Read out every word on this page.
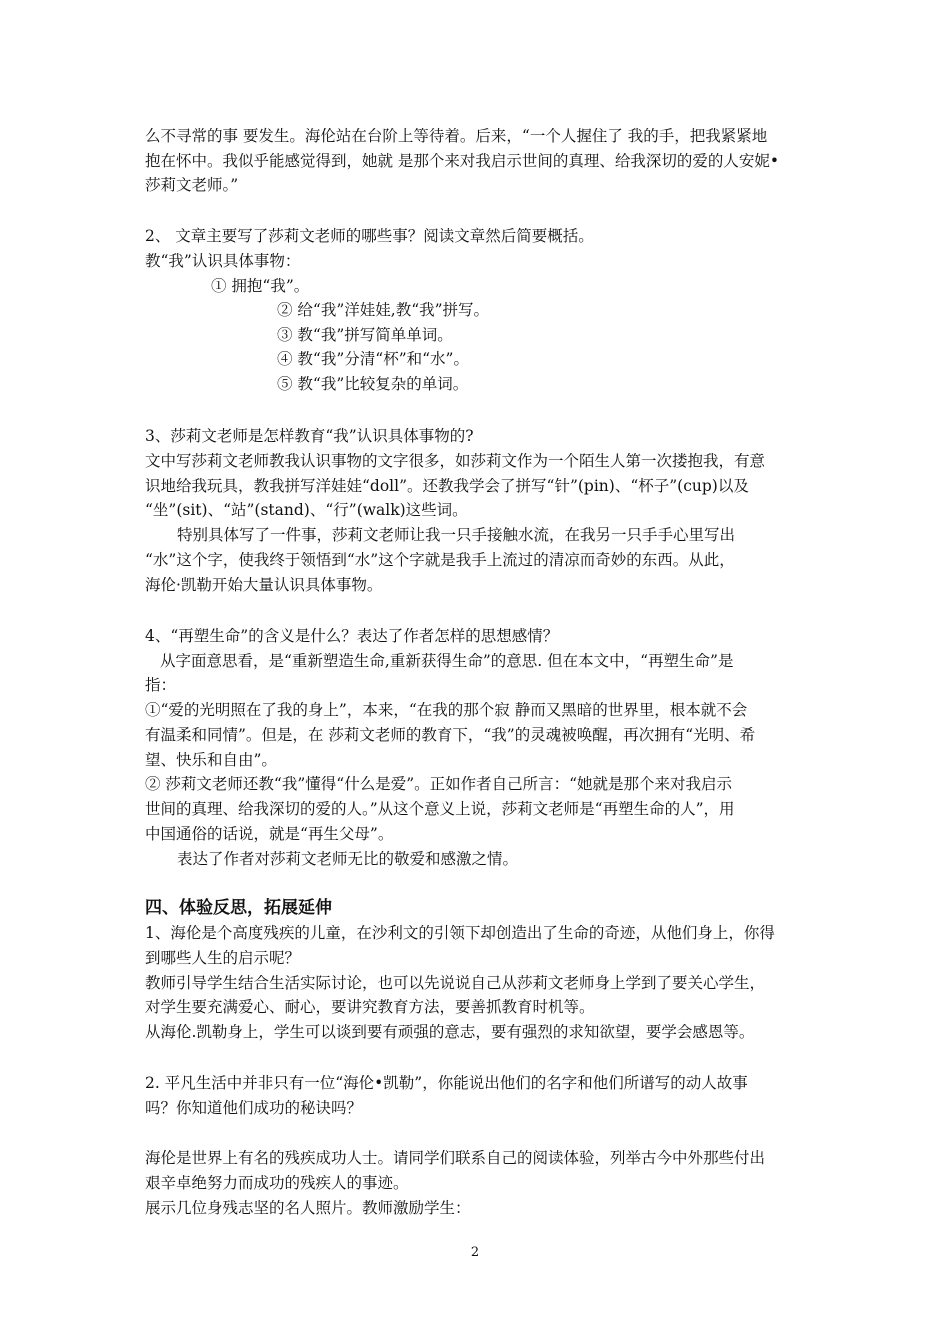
么不寻常的事 要发生。海伦站在台阶上等待着。后来，“一个人握住了 我的手，把我紧紧地
抱在怀中。我似乎能感觉得到，她就 是那个来对我启示世间的真理、给我深切的爱的人安妮•
莎莉文老师。”
2、 文章主要写了莎莉文老师的哪些事？阅读文章然后简要概括。
教“我”认识具体事物：
① 拥抱“我”。
② 给“我”洋娃娃,教“我”拼写。
③ 教“我”拼写简单单词。
④ 教“我”分清“杯”和“水”。
⑤ 教“我”比较复杂的单词。
3、莎莉文老师是怎样教育“我”认识具体事物的?
文中写莎莉文老师教我认识事物的文字很多，如莎莉文作为一个陌生人第一次搂抱我，有意
识地给我玩具，教我拼写洋娃娃“doll”。还教我学会了拼写“针”(pin)、“杯子”(cup)以及
“坐”(sit)、“站”(stand)、“行”(walk)这些词。
特别具体写了一件事，莎莉文老师让我一只手接触水流，在我另一只手手心里写出
“水”这个字，使我终于领悟到“水”这个字就是我手上流过的清凉而奇妙的东西。从此，
海伦·凯勒开始大量认识具体事物。
4、“再塑生命”的含义是什么？表达了作者怎样的思想感情？
从字面意思看，是“重新塑造生命,重新获得生命”的意思. 但在本文中，“再塑生命”是
指：
①“爱的光明照在了我的身上”，本来，“在我的那个寂 静而又黑暗的世界里，根本就不会
有温柔和同情”。但是，在 莎莉文老师的教育下，“我”的灵魂被唤醒，再次拥有“光明、希
望、快乐和自由”。
② 莎莉文老师还教“我”懂得“什么是爱”。正如作者自己所言：“她就是那个来对我启示
世间的真理、给我深切的爱的人。”从这个意义上说，莎莉文老师是“再塑生命的人”，用
中国通俗的话说，就是“再生父母”。
表达了作者对莎莉文老师无比的敬爱和感激之情。
四、体验反思，拓展延伸
1、海伦是个高度残疾的儿童，在沙利文的引领下却创造出了生命的奇迹，从他们身上，你得
到哪些人生的启示呢？
教师引导学生结合生活实际讨论，也可以先说说自己从莎莉文老师身上学到了要关心学生，
对学生要充满爱心、耐心，要讲究教育方法，要善抓教育时机等。
从海伦.凯勒身上，学生可以谈到要有顽强的意志，要有强烈的求知欲望，要学会感恩等。
2. 平凡生活中并非只有一位“海伦•凯勒”，你能说出他们的名字和他们所谱写的动人故事
吗？你知道他们成功的秘诀吗？
海伦是世界上有名的残疾成功人士。请同学们联系自己的阅读体验，列举古今中外那些付出
艰辛卓绝努力而成功的残疾人的事迹。
展示几位身残志坚的名人照片。教师激励学生：
2
